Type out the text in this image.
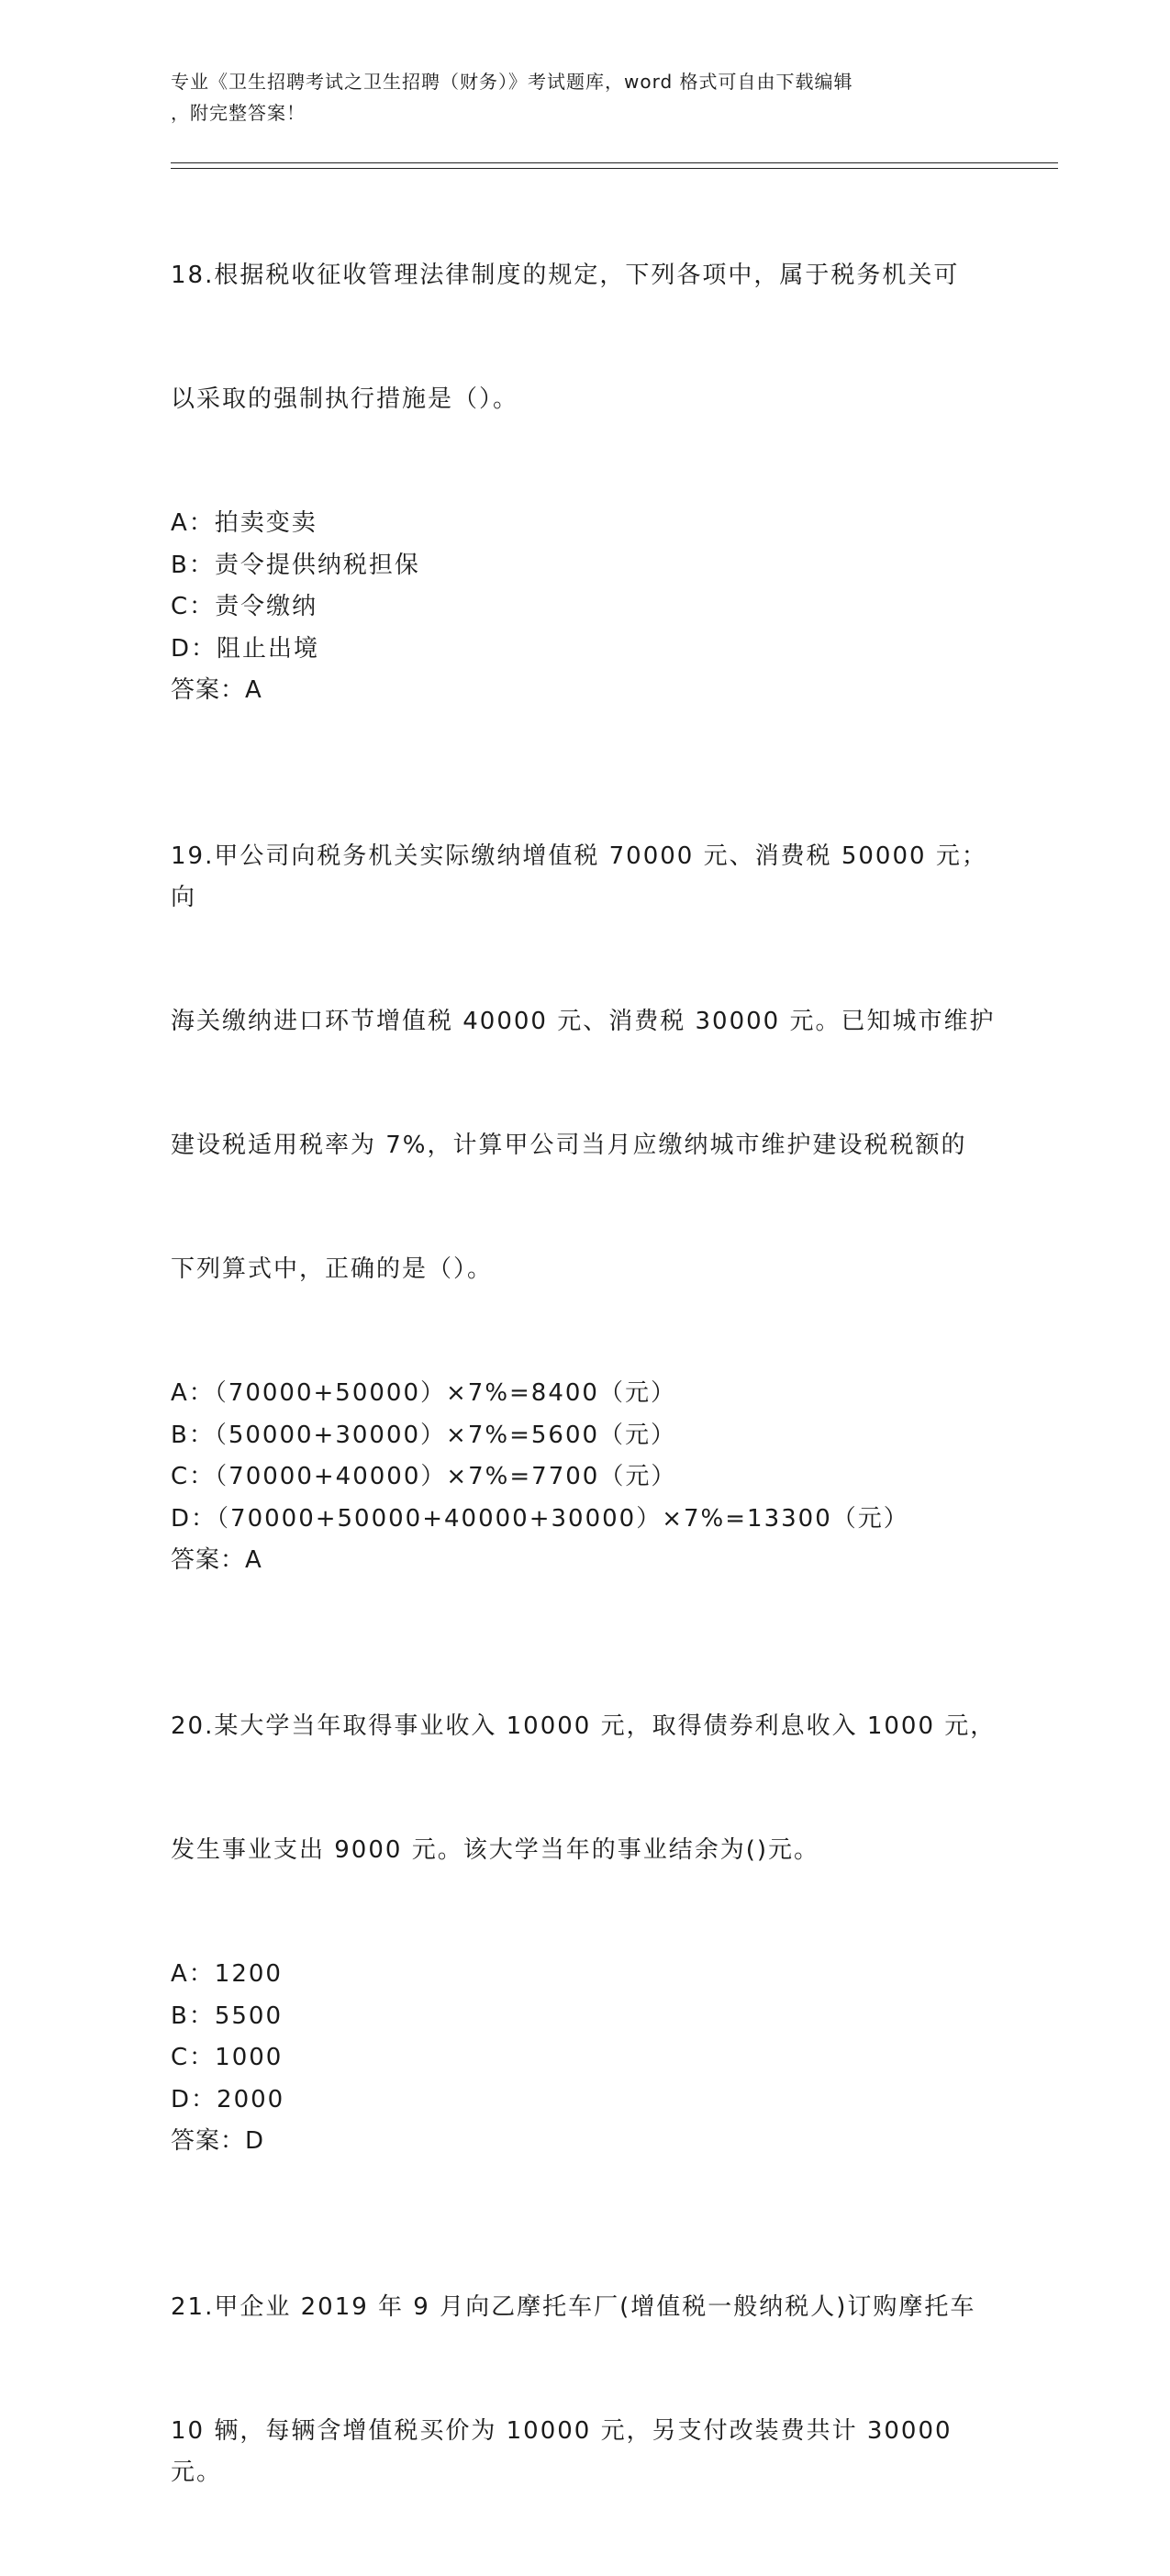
专业《卫生招聘考试之卫生招聘（财务）》考试题库，word 格式可自由下载编辑
，附完整答案！

18.根据税收征收管理法律制度的规定，下列各项中，属于税务机关可

以采取的强制执行措施是（）。

A：拍卖变卖
B：责令提供纳税担保
C：责令缴纳
D：阻止出境
答案：A

19.甲公司向税务机关实际缴纳增值税 70000 元、消费税 50000 元；向

海关缴纳进口环节增值税 40000 元、消费税 30000 元。已知城市维护

建设税适用税率为 7%，计算甲公司当月应缴纳城市维护建设税税额的

下列算式中，正确的是（）。

A：（70000+50000）×7%=8400（元）
B：（50000+30000）×7%=5600（元）
C：（70000+40000）×7%=7700（元）
D：（70000+50000+40000+30000）×7%=13300（元）
答案：A

20.某大学当年取得事业收入 10000 元，取得债券利息收入 1000 元，

发生事业支出 9000 元。该大学当年的事业结余为()元。

A：1200
B：5500
C：1000
D：2000
答案：D

21.甲企业 2019 年 9 月向乙摩托车厂(增值税一般纳税人)订购摩托车

10 辆，每辆含增值税买价为 10000 元，另支付改装费共计 30000 元。
